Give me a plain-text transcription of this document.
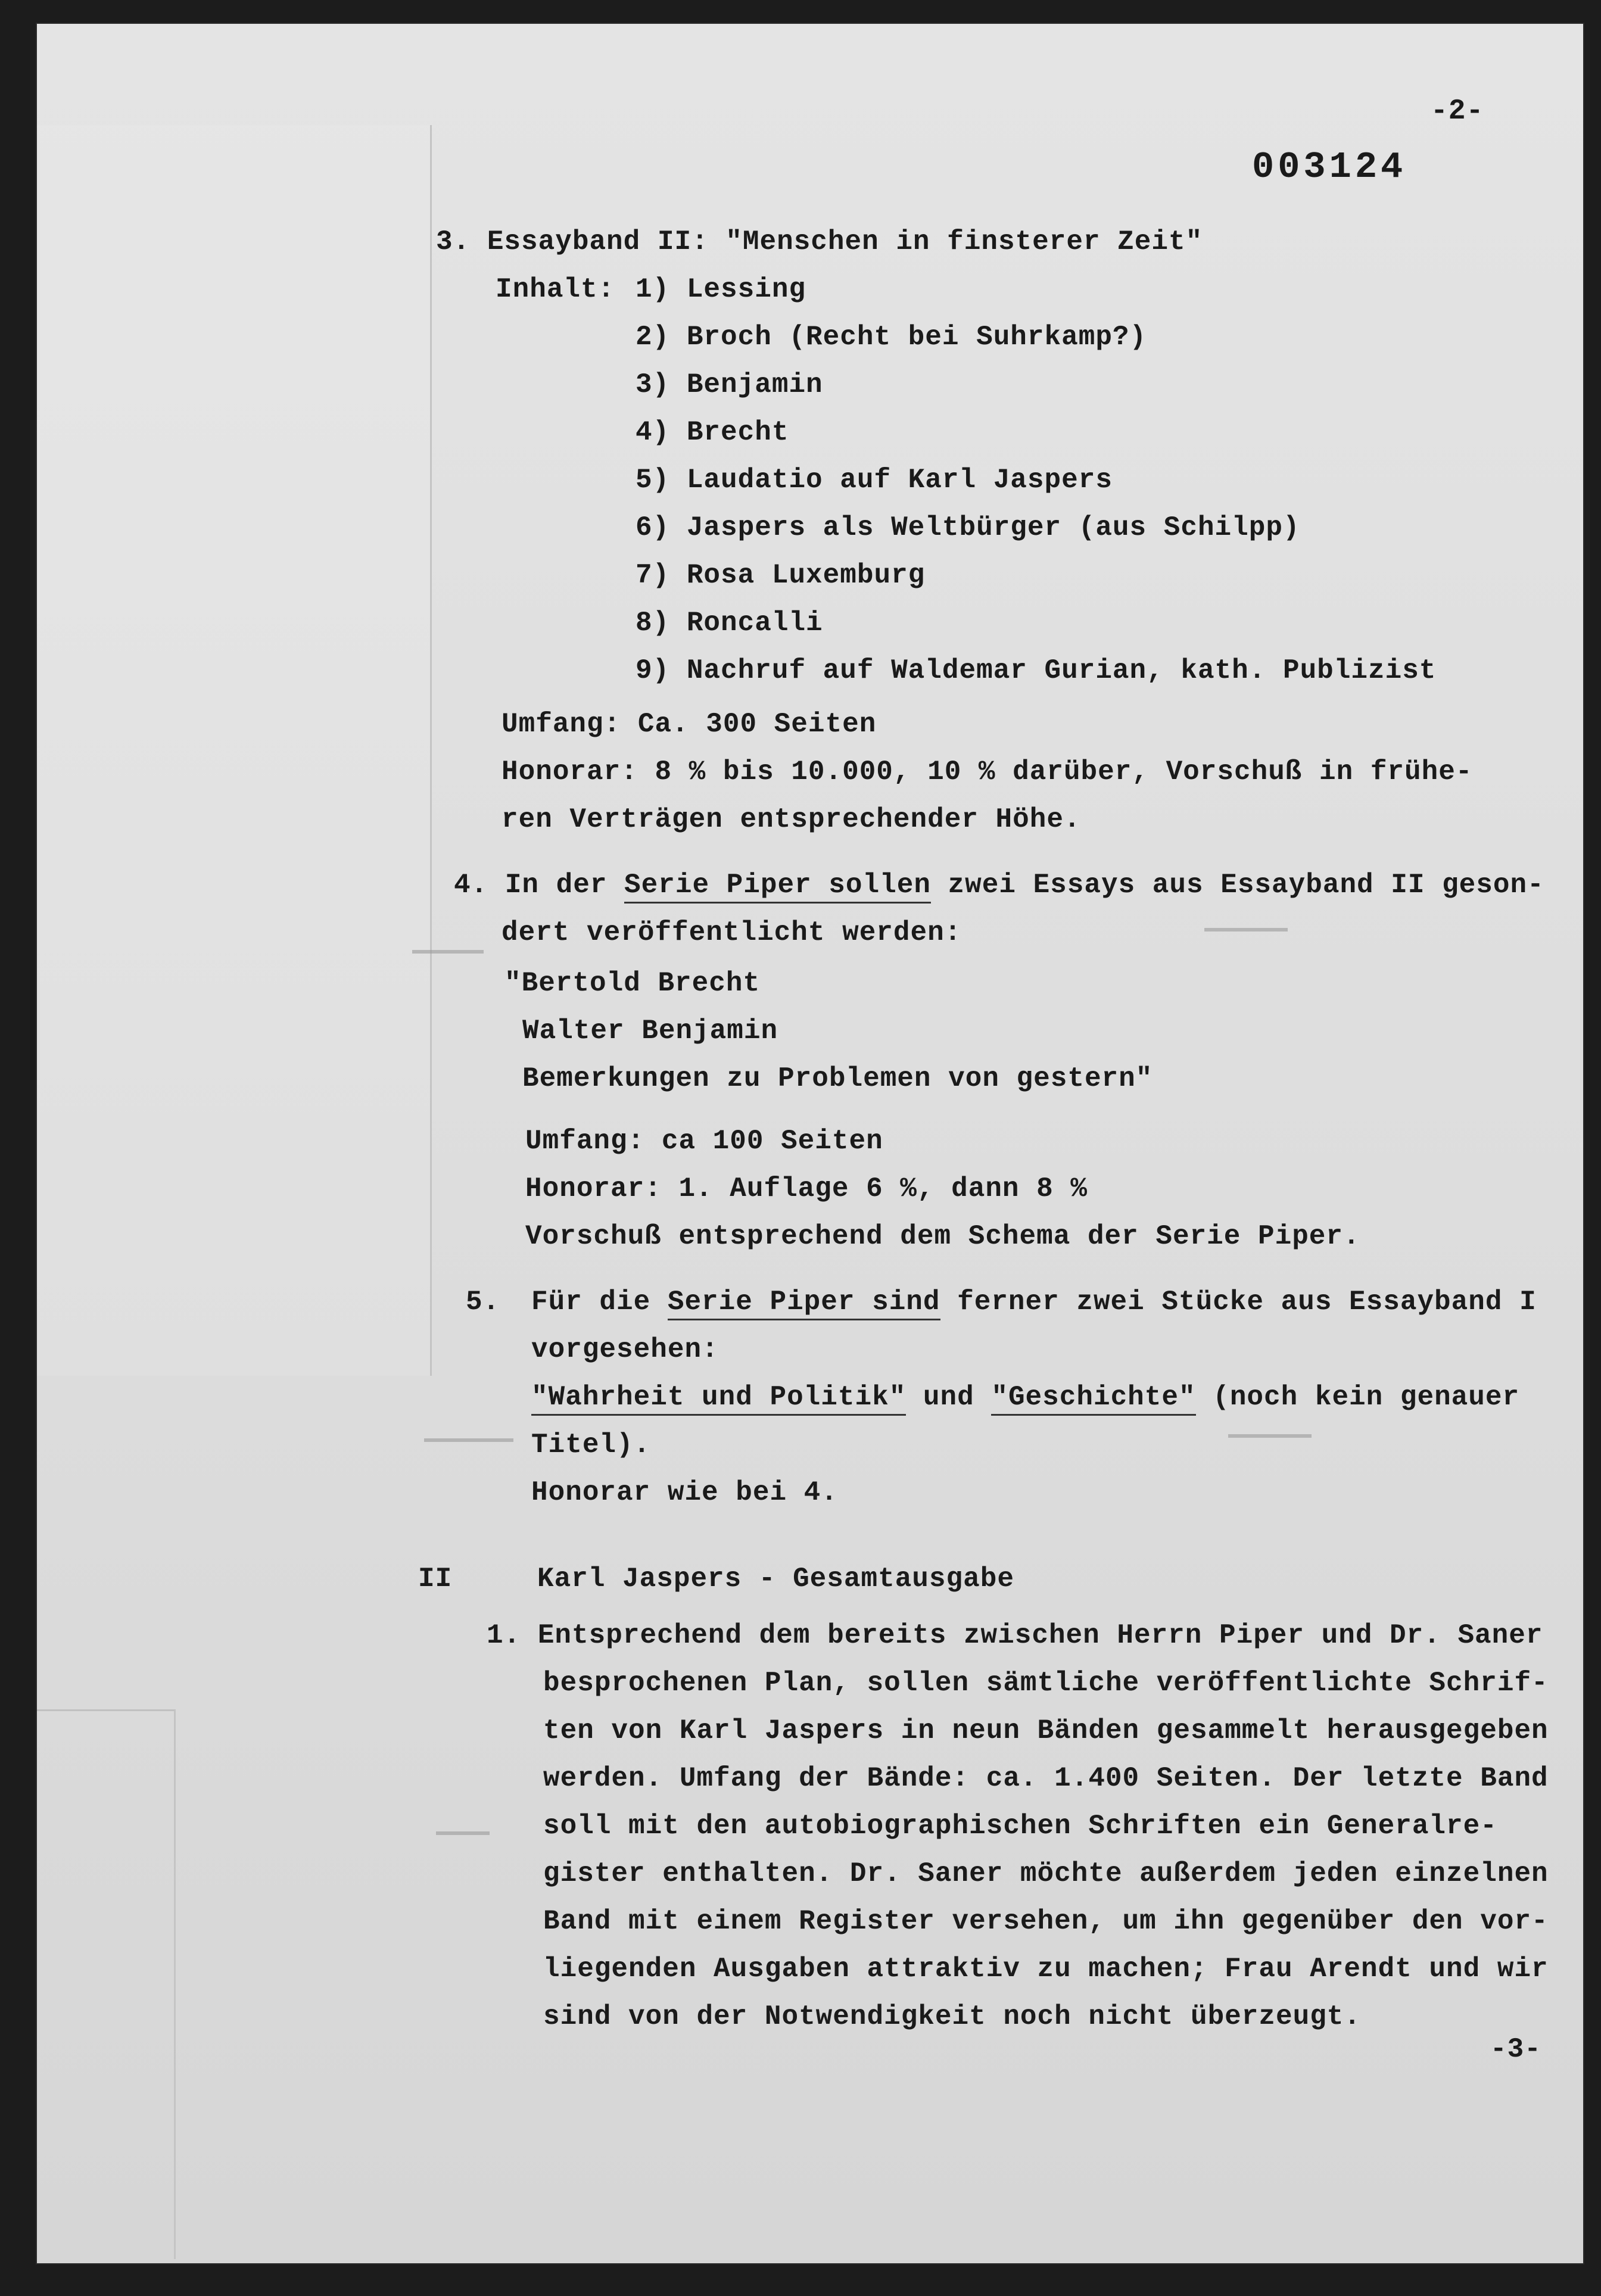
-2-
003124
3. Essayband II: "Menschen in finsterer Zeit"
Inhalt: 1) Lessing
2) Broch (Recht bei Suhrkamp?)
3) Benjamin
4) Brecht
5) Laudatio auf Karl Jaspers
6) Jaspers als Weltbürger (aus Schilpp)
7) Rosa Luxemburg
8) Roncalli
9) Nachruf auf Waldemar Gurian, kath. Publizist
Umfang: Ca. 300 Seiten
Honorar: 8 % bis 10.000, 10 % darüber, Vorschuß in frühe-
ren Verträgen entsprechender Höhe.
4. In der Serie Piper sollen zwei Essays aus Essayband II geson-
dert veröffentlicht werden:
"Bertold Brecht
Walter Benjamin
Bemerkungen zu Problemen von gestern"
Umfang: ca 100 Seiten
Honorar: 1. Auflage 6 %, dann 8 %
Vorschuß entsprechend dem Schema der Serie Piper.
5. Für die Serie Piper sind ferner zwei Stücke aus Essayband I
vorgesehen:
"Wahrheit und Politik" und "Geschichte" (noch kein genauer
Titel).
Honorar wie bei 4.
II	Karl Jaspers - Gesamtausgabe
1. Entsprechend dem bereits zwischen Herrn Piper und Dr. Saner
besprochenen Plan, sollen sämtliche veröffentlichte Schrif-
ten von Karl Jaspers in neun Bänden gesammelt herausgegeben
werden. Umfang der Bände: ca. 1.400 Seiten. Der letzte Band
soll mit den autobiographischen Schriften ein Generalre-
gister enthalten. Dr. Saner möchte außerdem jeden einzelnen
Band mit einem Register versehen, um ihn gegenüber den vor-
liegenden Ausgaben attraktiv zu machen; Frau Arendt und wir
sind von der Notwendigkeit noch nicht überzeugt.
-3-
